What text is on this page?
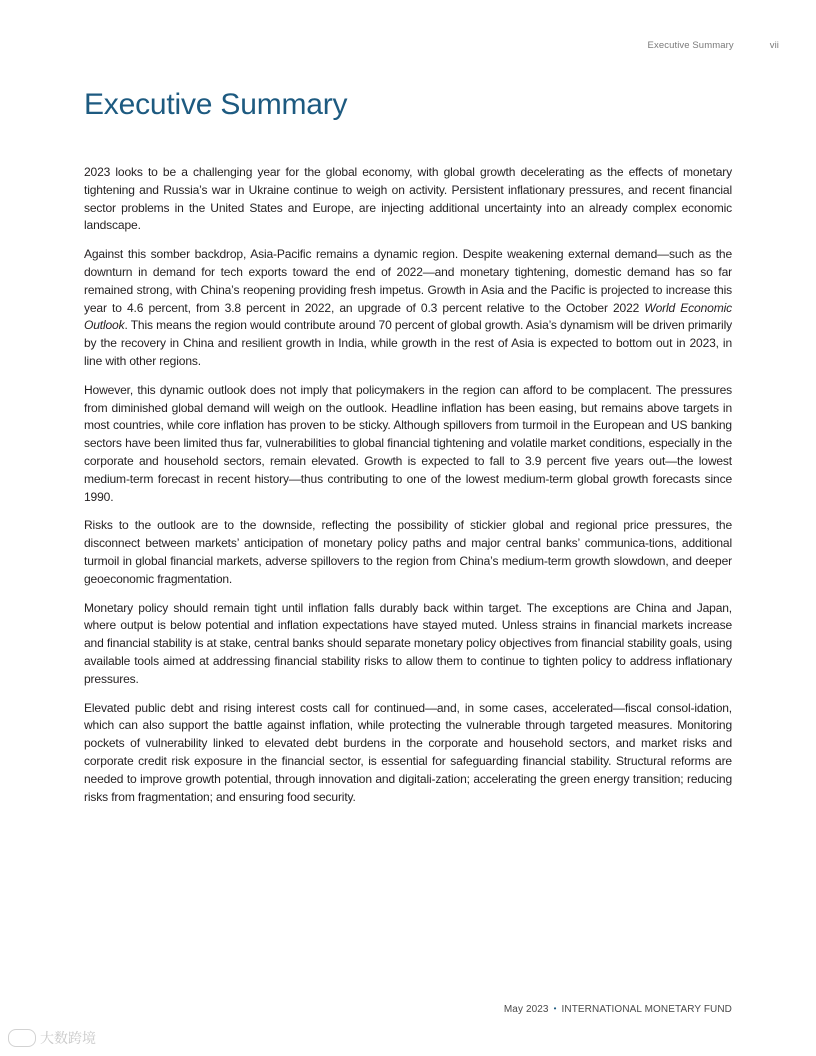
Executive Summary	vii
Executive Summary

2023 looks to be a challenging year for the global economy, with global growth decelerating as the effects of monetary tightening and Russia’s war in Ukraine continue to weigh on activity. Persistent inflationary pressures, and recent financial sector problems in the United States and Europe, are injecting additional uncertainty into an already complex economic landscape.

Against this somber backdrop, Asia-Pacific remains a dynamic region. Despite weakening external demand—such as the downturn in demand for tech exports toward the end of 2022—and monetary tightening, domestic demand has so far remained strong, with China’s reopening providing fresh impetus. Growth in Asia and the Pacific is projected to increase this year to 4.6 percent, from 3.8 percent in 2022, an upgrade of 0.3 percent relative to the October 2022 World Economic Outlook. This means the region would contribute around 70 percent of global growth. Asia’s dynamism will be driven primarily by the recovery in China and resilient growth in India, while growth in the rest of Asia is expected to bottom out in 2023, in line with other regions.

However, this dynamic outlook does not imply that policymakers in the region can afford to be complacent. The pressures from diminished global demand will weigh on the outlook. Headline inflation has been easing, but remains above targets in most countries, while core inflation has proven to be sticky. Although spillovers from turmoil in the European and US banking sectors have been limited thus far, vulnerabilities to global financial tightening and volatile market conditions, especially in the corporate and household sectors, remain elevated. Growth is expected to fall to 3.9 percent five years out—the lowest medium-term forecast in recent history—thus contributing to one of the lowest medium-term global growth forecasts since 1990.

Risks to the outlook are to the downside, reflecting the possibility of stickier global and regional price pressures, the disconnect between markets’ anticipation of monetary policy paths and major central banks’ communica-tions, additional turmoil in global financial markets, adverse spillovers to the region from China’s medium-term growth slowdown, and deeper geoeconomic fragmentation.

Monetary policy should remain tight until inflation falls durably back within target. The exceptions are China and Japan, where output is below potential and inflation expectations have stayed muted. Unless strains in financial markets increase and financial stability is at stake, central banks should separate monetary policy objectives from financial stability goals, using available tools aimed at addressing financial stability risks to allow them to continue to tighten policy to address inflationary pressures.

Elevated public debt and rising interest costs call for continued—and, in some cases, accelerated—fiscal consol-idation, which can also support the battle against inflation, while protecting the vulnerable through targeted measures. Monitoring pockets of vulnerability linked to elevated debt burdens in the corporate and household sectors, and market risks and corporate credit risk exposure in the financial sector, is essential for safeguarding financial stability. Structural reforms are needed to improve growth potential, through innovation and digitali-zation; accelerating the green energy transition; reducing risks from fragmentation; and ensuring food security.

May 2023 • INTERNATIONAL MONETARY FUND
大数跨境
